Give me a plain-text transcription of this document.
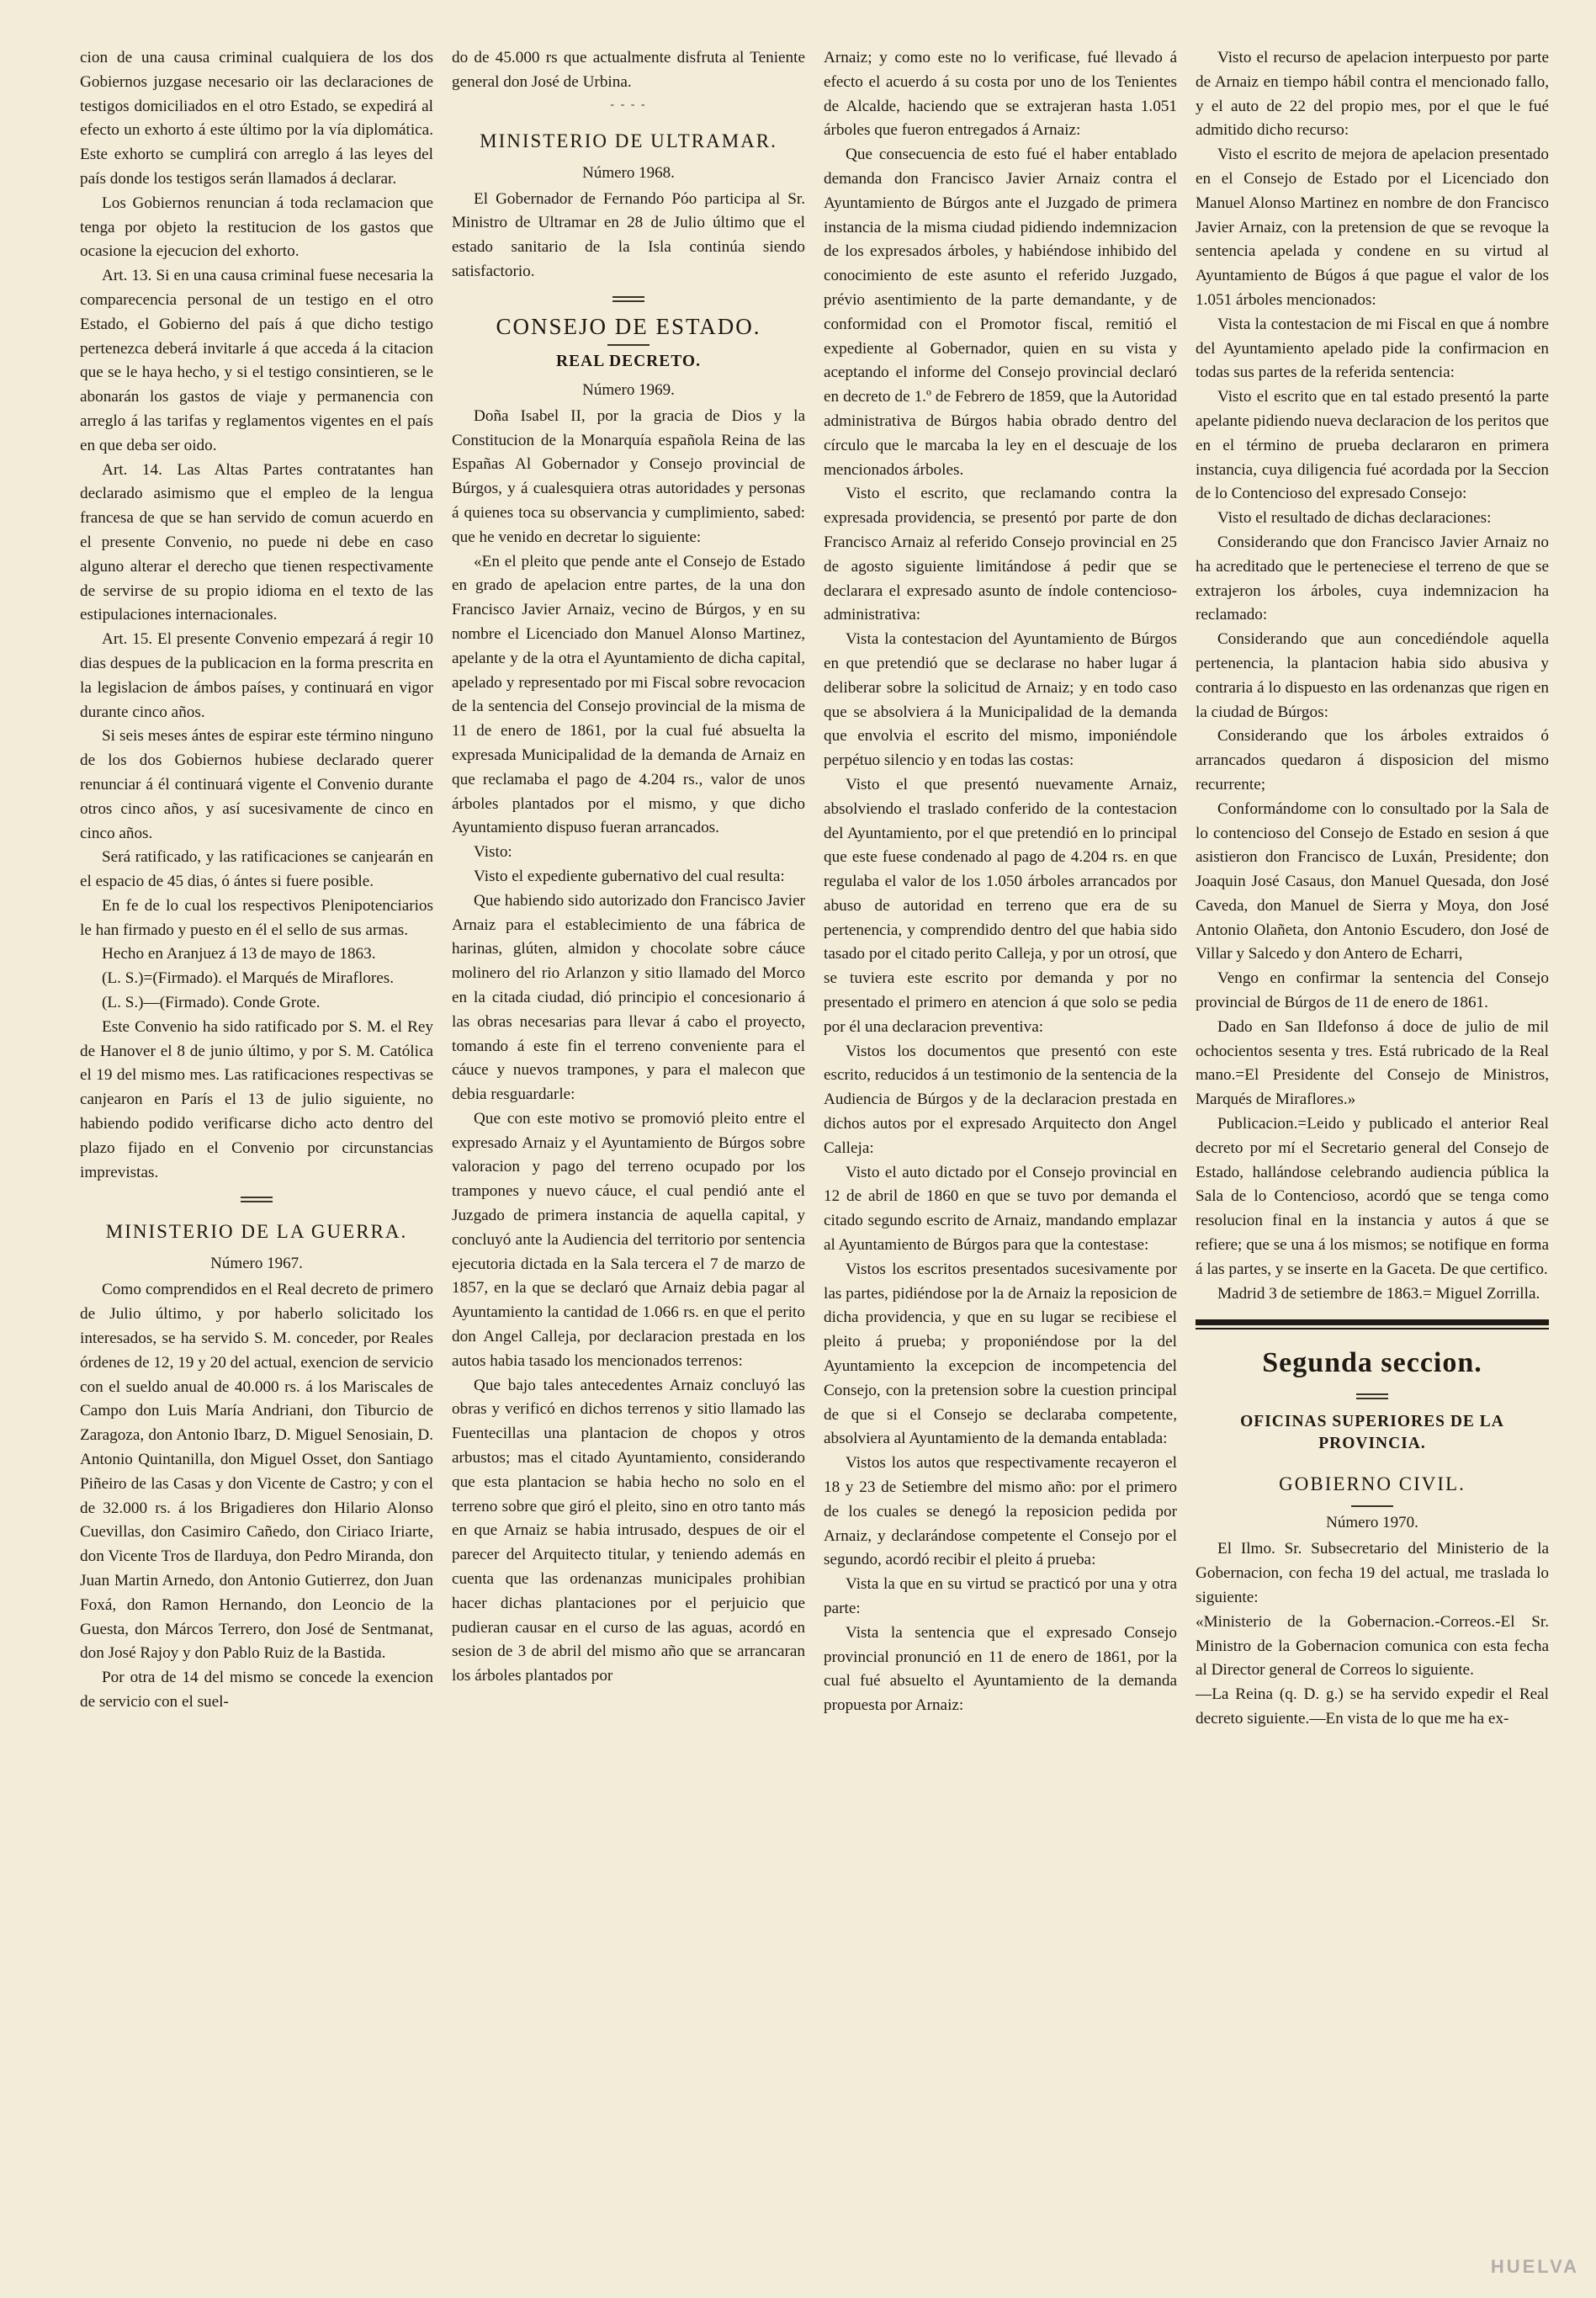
cion de una causa criminal cualquiera de los dos Gobiernos juzgase necesario oir las declaraciones de testigos domiciliados en el otro Estado, se expedirá al efecto un exhorto á este último por la vía diplomática. Este exhorto se cumplirá con arreglo á las leyes del país donde los testigos serán llamados á declarar.

Los Gobiernos renuncian á toda reclamacion que tenga por objeto la restitucion de los gastos que ocasione la ejecucion del exhorto.

Art. 13. Si en una causa criminal fuese necesaria la comparecencia personal de un testigo en el otro Estado, el Gobierno del país á que dicho testigo pertenezca deberá invitarle á que acceda á la citacion que se le haya hecho, y si el testigo consintieren, se le abonarán los gastos de viaje y permanencia con arreglo á las tarifas y reglamentos vigentes en el país en que deba ser oido.

Art. 14. Las Altas Partes contratantes han declarado asimismo que el empleo de la lengua francesa de que se han servido de comun acuerdo en el presente Convenio, no puede ni debe en caso alguno alterar el derecho que tienen respectivamente de servirse de su propio idioma en el texto de las estipulaciones internacionales.

Art. 15. El presente Convenio empezará á regir 10 dias despues de la publicacion en la forma prescrita en la legislacion de ámbos países, y continuará en vigor durante cinco años.

Si seis meses ántes de espirar este término ninguno de los dos Gobiernos hubiese declarado querer renunciar á él continuará vigente el Convenio durante otros cinco años, y así sucesivamente de cinco en cinco años.

Será ratificado, y las ratificaciones se canjearán en el espacio de 45 dias, ó ántes si fuere posible.

En fe de lo cual los respectivos Plenipotenciarios le han firmado y puesto en él el sello de sus armas.

Hecho en Aranjuez á 13 de mayo de 1863.

(L. S.)=(Firmado). el Marqués de Miraflores.

(L. S.)—(Firmado). Conde Grote.

Este Convenio ha sido ratificado por S. M. el Rey de Hanover el 8 de junio último, y por S. M. Católica el 19 del mismo mes. Las ratificaciones respectivas se canjearon en París el 13 de julio siguiente, no habiendo podido verificarse dicho acto dentro del plazo fijado en el Convenio por circunstancias imprevistas.

MINISTERIO DE LA GUERRA.

Número 1967.

Como comprendidos en el Real decreto de primero de Julio último, y por haberlo solicitado los interesados, se ha servido S. M. conceder, por Reales órdenes de 12, 19 y 20 del actual, exencion de servicio con el sueldo anual de 40.000 rs. á los Mariscales de Campo don Luis María Andriani, don Tiburcio de Zaragoza, don Antonio Ibarz, D. Miguel Senosiain, D. Antonio Quintanilla, don Miguel Osset, don Santiago Piñeiro de las Casas y don Vicente de Castro; y con el de 32.000 rs. á los Brigadieres don Hilario Alonso Cuevillas, don Casimiro Cañedo, don Ciriaco Iriarte, don Vicente Tros de Ilarduya, don Pedro Miranda, don Juan Martin Arnedo, don Antonio Gutierrez, don Juan Foxá, don Ramon Hernando, don Leoncio de la Guesta, don Márcos Terrero, don José de Sentmanat, don José Rajoy y don Pablo Ruiz de la Bastida.

Por otra de 14 del mismo se concede la exencion de servicio con el suel-

do de 45.000 rs que actualmente disfruta al Teniente general don José de Urbina.

- - - -
MINISTERIO DE ULTRAMAR.

Número 1968.

El Gobernador de Fernando Póo participa al Sr. Ministro de Ultramar en 28 de Julio último que el estado sanitario de la Isla continúa siendo satisfactorio.

CONSEJO DE ESTADO.
REAL DECRETO.

Número 1969.

Doña Isabel II, por la gracia de Dios y la Constitucion de la Monarquía española Reina de las Españas Al Gobernador y Consejo provincial de Búrgos, y á cualesquiera otras autoridades y personas á quienes toca su observancia y cumplimiento, sabed: que he venido en decretar lo siguiente:

«En el pleito que pende ante el Consejo de Estado en grado de apelacion entre partes, de la una don Francisco Javier Arnaiz, vecino de Búrgos, y en su nombre el Licenciado don Manuel Alonso Martinez, apelante y de la otra el Ayuntamiento de dicha capital, apelado y representado por mi Fiscal sobre revocacion de la sentencia del Consejo provincial de la misma de 11 de enero de 1861, por la cual fué absuelta la expresada Municipalidad de la demanda de Arnaiz en que reclamaba el pago de 4.204 rs., valor de unos árboles plantados por el mismo, y que dicho Ayuntamiento dispuso fueran arrancados.

Visto:

Visto el expediente gubernativo del cual resulta:

Que habiendo sido autorizado don Francisco Javier Arnaiz para el establecimiento de una fábrica de harinas, glúten, almidon y chocolate sobre cáuce molinero del rio Arlanzon y sitio llamado del Morco en la citada ciudad, dió principio el concesionario á las obras necesarias para llevar á cabo el proyecto, tomando á este fin el terreno conveniente para el cáuce y nuevos trampones, y para el malecon que debia resguardarle:

Que con este motivo se promovió pleito entre el expresado Arnaiz y el Ayuntamiento de Búrgos sobre valoracion y pago del terreno ocupado por los trampones y nuevo cáuce, el cual pendió ante el Juzgado de primera instancia de aquella capital, y concluyó ante la Audiencia del territorio por sentencia ejecutoria dictada en la Sala tercera el 7 de marzo de 1857, en la que se declaró que Arnaiz debia pagar al Ayuntamiento la cantidad de 1.066 rs. en que el perito don Angel Calleja, por declaracion prestada en los autos habia tasado los mencionados terrenos:

Que bajo tales antecedentes Arnaiz concluyó las obras y verificó en dichos terrenos y sitio llamado las Fuentecillas una plantacion de chopos y otros arbustos; mas el citado Ayuntamiento, considerando que esta plantacion se habia hecho no solo en el terreno sobre que giró el pleito, sino en otro tanto más en que Arnaiz se habia intrusado, despues de oir el parecer del Arquitecto titular, y teniendo además en cuenta que las ordenanzas municipales prohibian hacer dichas plantaciones por el perjuicio que pudieran causar en el curso de las aguas, acordó en sesion de 3 de abril del mismo año que se arrancaran los árboles plantados por

Arnaiz; y como este no lo verificase, fué llevado á efecto el acuerdo á su costa por uno de los Tenientes de Alcalde, haciendo que se extrajeran hasta 1.051 árboles que fueron entregados á Arnaiz:

Que consecuencia de esto fué el haber entablado demanda don Francisco Javier Arnaiz contra el Ayuntamiento de Búrgos ante el Juzgado de primera instancia de la misma ciudad pidiendo indemnizacion de los expresados árboles, y habiéndose inhibido del conocimiento de este asunto el referido Juzgado, prévio asentimiento de la parte demandante, y de conformidad con el Promotor fiscal, remitió el expediente al Gobernador, quien en su vista y aceptando el informe del Consejo provincial declaró en decreto de 1.º de Febrero de 1859, que la Autoridad administrativa de Búrgos habia obrado dentro del círculo que le marcaba la ley en el descuaje de los mencionados árboles.

Visto el escrito, que reclamando contra la expresada providencia, se presentó por parte de don Francisco Arnaiz al referido Consejo provincial en 25 de agosto siguiente limitándose á pedir que se declarara el expresado asunto de índole contencioso-administrativa:

Vista la contestacion del Ayuntamiento de Búrgos en que pretendió que se declarase no haber lugar á deliberar sobre la solicitud de Arnaiz; y en todo caso que se absolviera á la Municipalidad de la demanda que envolvia el escrito del mismo, imponiéndole perpétuo silencio y en todas las costas:

Visto el que presentó nuevamente Arnaiz, absolviendo el traslado conferido de la contestacion del Ayuntamiento, por el que pretendió en lo principal que este fuese condenado al pago de 4.204 rs. en que regulaba el valor de los 1.050 árboles arrancados por abuso de autoridad en terreno que era de su pertenencia, y comprendido dentro del que habia sido tasado por el citado perito Calleja, y por un otrosí, que se tuviera este escrito por demanda y por no presentado el primero en atencion á que solo se pedia por él una declaracion preventiva:

Vistos los documentos que presentó con este escrito, reducidos á un testimonio de la sentencia de la Audiencia de Búrgos y de la declaracion prestada en dichos autos por el expresado Arquitecto don Angel Calleja:

Visto el auto dictado por el Consejo provincial en 12 de abril de 1860 en que se tuvo por demanda el citado segundo escrito de Arnaiz, mandando emplazar al Ayuntamiento de Búrgos para que la contestase:

Vistos los escritos presentados sucesivamente por las partes, pidiéndose por la de Arnaiz la reposicion de dicha providencia, y que en su lugar se recibiese el pleito á prueba; y proponiéndose por la del Ayuntamiento la excepcion de incompetencia del Consejo, con la pretension sobre la cuestion principal de que si el Consejo se declaraba competente, absolviera al Ayuntamiento de la demanda entablada:

Vistos los autos que respectivamente recayeron el 18 y 23 de Setiembre del mismo año: por el primero de los cuales se denegó la reposicion pedida por Arnaiz, y declarándose competente el Consejo por el segundo, acordó recibir el pleito á prueba:

Vista la que en su virtud se practicó por una y otra parte:

Vista la sentencia que el expresado Consejo provincial pronunció en 11 de enero de 1861, por la cual fué absuelto el Ayuntamiento de la demanda propuesta por Arnaiz:

Visto el recurso de apelacion interpuesto por parte de Arnaiz en tiempo hábil contra el mencionado fallo, y el auto de 22 del propio mes, por el que le fué admitido dicho recurso:

Visto el escrito de mejora de apelacion presentado en el Consejo de Estado por el Licenciado don Manuel Alonso Martinez en nombre de don Francisco Javier Arnaiz, con la pretension de que se revoque la sentencia apelada y condene en su virtud al Ayuntamiento de Búgos á que pague el valor de los 1.051 árboles mencionados:

Vista la contestacion de mi Fiscal en que á nombre del Ayuntamiento apelado pide la confirmacion en todas sus partes de la referida sentencia:

Visto el escrito que en tal estado presentó la parte apelante pidiendo nueva declaracion de los peritos que en el término de prueba declararon en primera instancia, cuya diligencia fué acordada por la Seccion de lo Contencioso del expresado Consejo:

Visto el resultado de dichas declaraciones:

Considerando que don Francisco Javier Arnaiz no ha acreditado que le perteneciese el terreno de que se extrajeron los árboles, cuya indemnizacion ha reclamado:

Considerando que aun concediéndole aquella pertenencia, la plantacion habia sido abusiva y contraria á lo dispuesto en las ordenanzas que rigen en la ciudad de Búrgos:

Considerando que los árboles extraidos ó arrancados quedaron á disposicion del mismo recurrente;

Conformándome con lo consultado por la Sala de lo contencioso del Consejo de Estado en sesion á que asistieron don Francisco de Luxán, Presidente; don Joaquin José Casaus, don Manuel Quesada, don José Caveda, don Manuel de Sierra y Moya, don José Antonio Olañeta, don Antonio Escudero, don José de Villar y Salcedo y don Antero de Echarri,

Vengo en confirmar la sentencia del Consejo provincial de Búrgos de 11 de enero de 1861.

Dado en San Ildefonso á doce de julio de mil ochocientos sesenta y tres. Está rubricado de la Real mano.=El Presidente del Consejo de Ministros, Marqués de Miraflores.»

Publicacion.=Leido y publicado el anterior Real decreto por mí el Secretario general del Consejo de Estado, hallándose celebrando audiencia pública la Sala de lo Contencioso, acordó que se tenga como resolucion final en la instancia y autos á que se refiere; que se una á los mismos; se notifique en forma á las partes, y se inserte en la Gaceta. De que certifico.

Madrid 3 de setiembre de 1863.= Miguel Zorrilla.

Segunda seccion.
OFICINAS SUPERIORES DE LA PROVINCIA.
GOBIERNO CIVIL.

Número 1970.

El Ilmo. Sr. Subsecretario del Ministerio de la Gobernacion, con fecha 19 del actual, me traslada lo siguiente:

«Ministerio de la Gobernacion.-Correos.-El Sr. Ministro de la Gobernacion comunica con esta fecha al Director general de Correos lo siguiente.

—La Reina (q. D. g.) se ha servido expedir el Real decreto siguiente.—En vista de lo que me ha ex-

HUELVA
